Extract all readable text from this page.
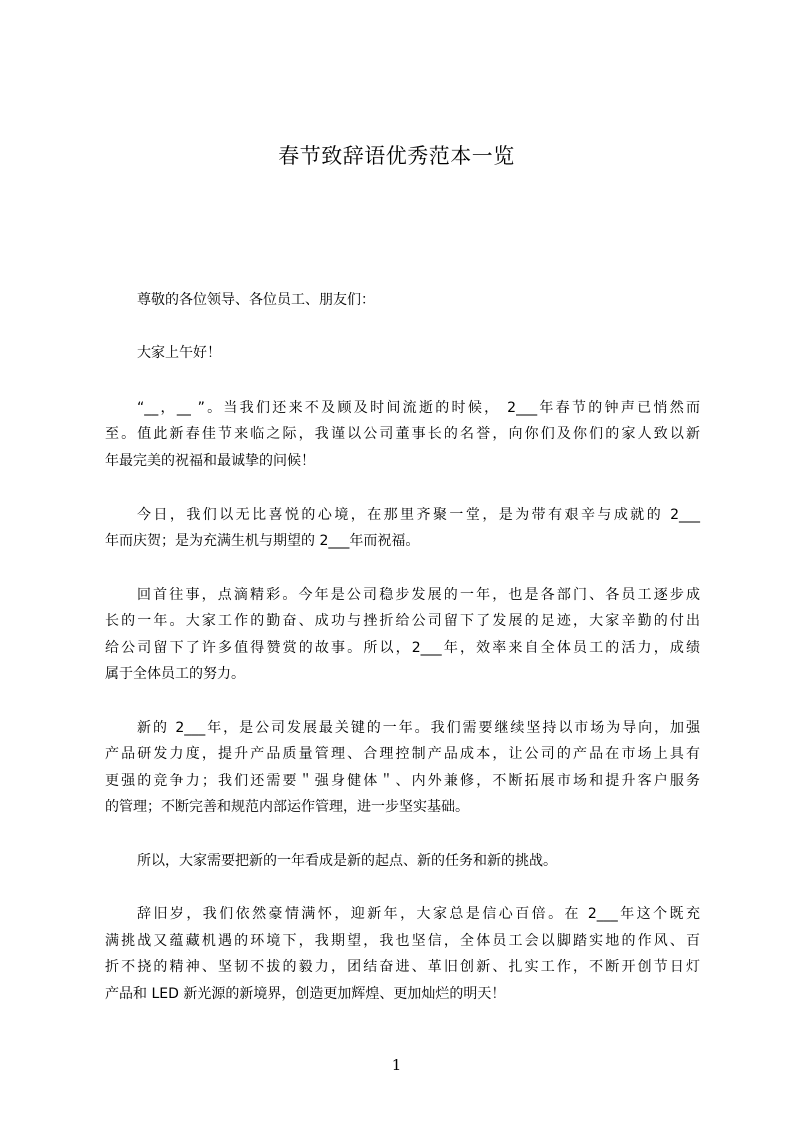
春节致辞语优秀范本一览

尊敬的各位领导、各位员工、朋友们：

大家上午好！

“__，__ ”。当我们还来不及顾及时间流逝的时候， 2___年春节的钟声已悄然而

至。值此新春佳节来临之际，我谨以公司董事长的名誉，向你们及你们的家人致以新

年最完美的祝福和最诚挚的问候！

今日，我们以无比喜悦的心境，在那里齐聚一堂，是为带有艰辛与成就的 2___

年而庆贺；是为充满生机与期望的 2___年而祝福。

回首往事，点滴精彩。今年是公司稳步发展的一年，也是各部门、各员工逐步成

长的一年。大家工作的勤奋、成功与挫折给公司留下了发展的足迹，大家辛勤的付出

给公司留下了许多值得赞赏的故事。所以，2___年，效率来自全体员工的活力，成绩

属于全体员工的努力。

新的 2___年，是公司发展最关键的一年。我们需要继续坚持以市场为导向，加强

产品研发力度，提升产品质量管理、合理控制产品成本，让公司的产品在市场上具有

更强的竞争力；我们还需要＂强身健体＂、内外兼修，不断拓展市场和提升客户服务

的管理；不断完善和规范内部运作管理，进一步坚实基础。

所以，大家需要把新的一年看成是新的起点、新的任务和新的挑战。

辞旧岁，我们依然豪情满怀，迎新年，大家总是信心百倍。在 2___年这个既充

满挑战又蕴藏机遇的环境下，我期望，我也坚信，全体员工会以脚踏实地的作风、百

折不挠的精神、坚韧不拔的毅力，团结奋进、革旧创新、扎实工作，不断开创节日灯

产品和 LED 新光源的新境界，创造更加辉煌、更加灿烂的明天！

1
